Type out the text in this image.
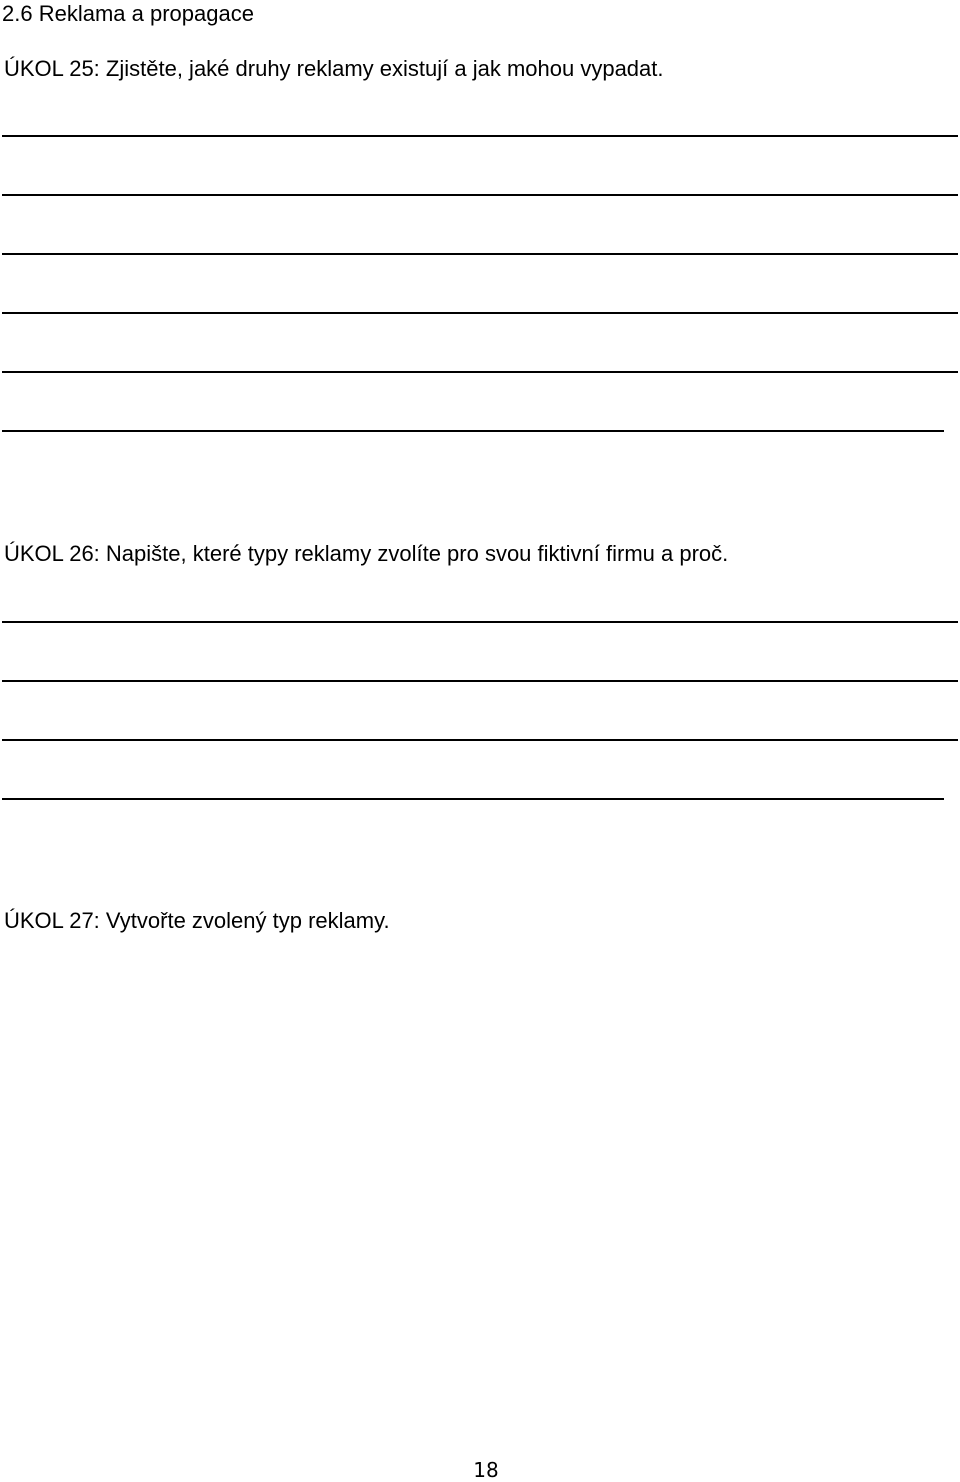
2.6 Reklama a propagace
ÚKOL 25: Zjistěte, jaké druhy reklamy existují a jak mohou vypadat.
ÚKOL 26: Napište, které typy reklamy zvolíte pro svou fiktivní firmu a proč.
ÚKOL 27: Vytvořte zvolený typ reklamy.
18
